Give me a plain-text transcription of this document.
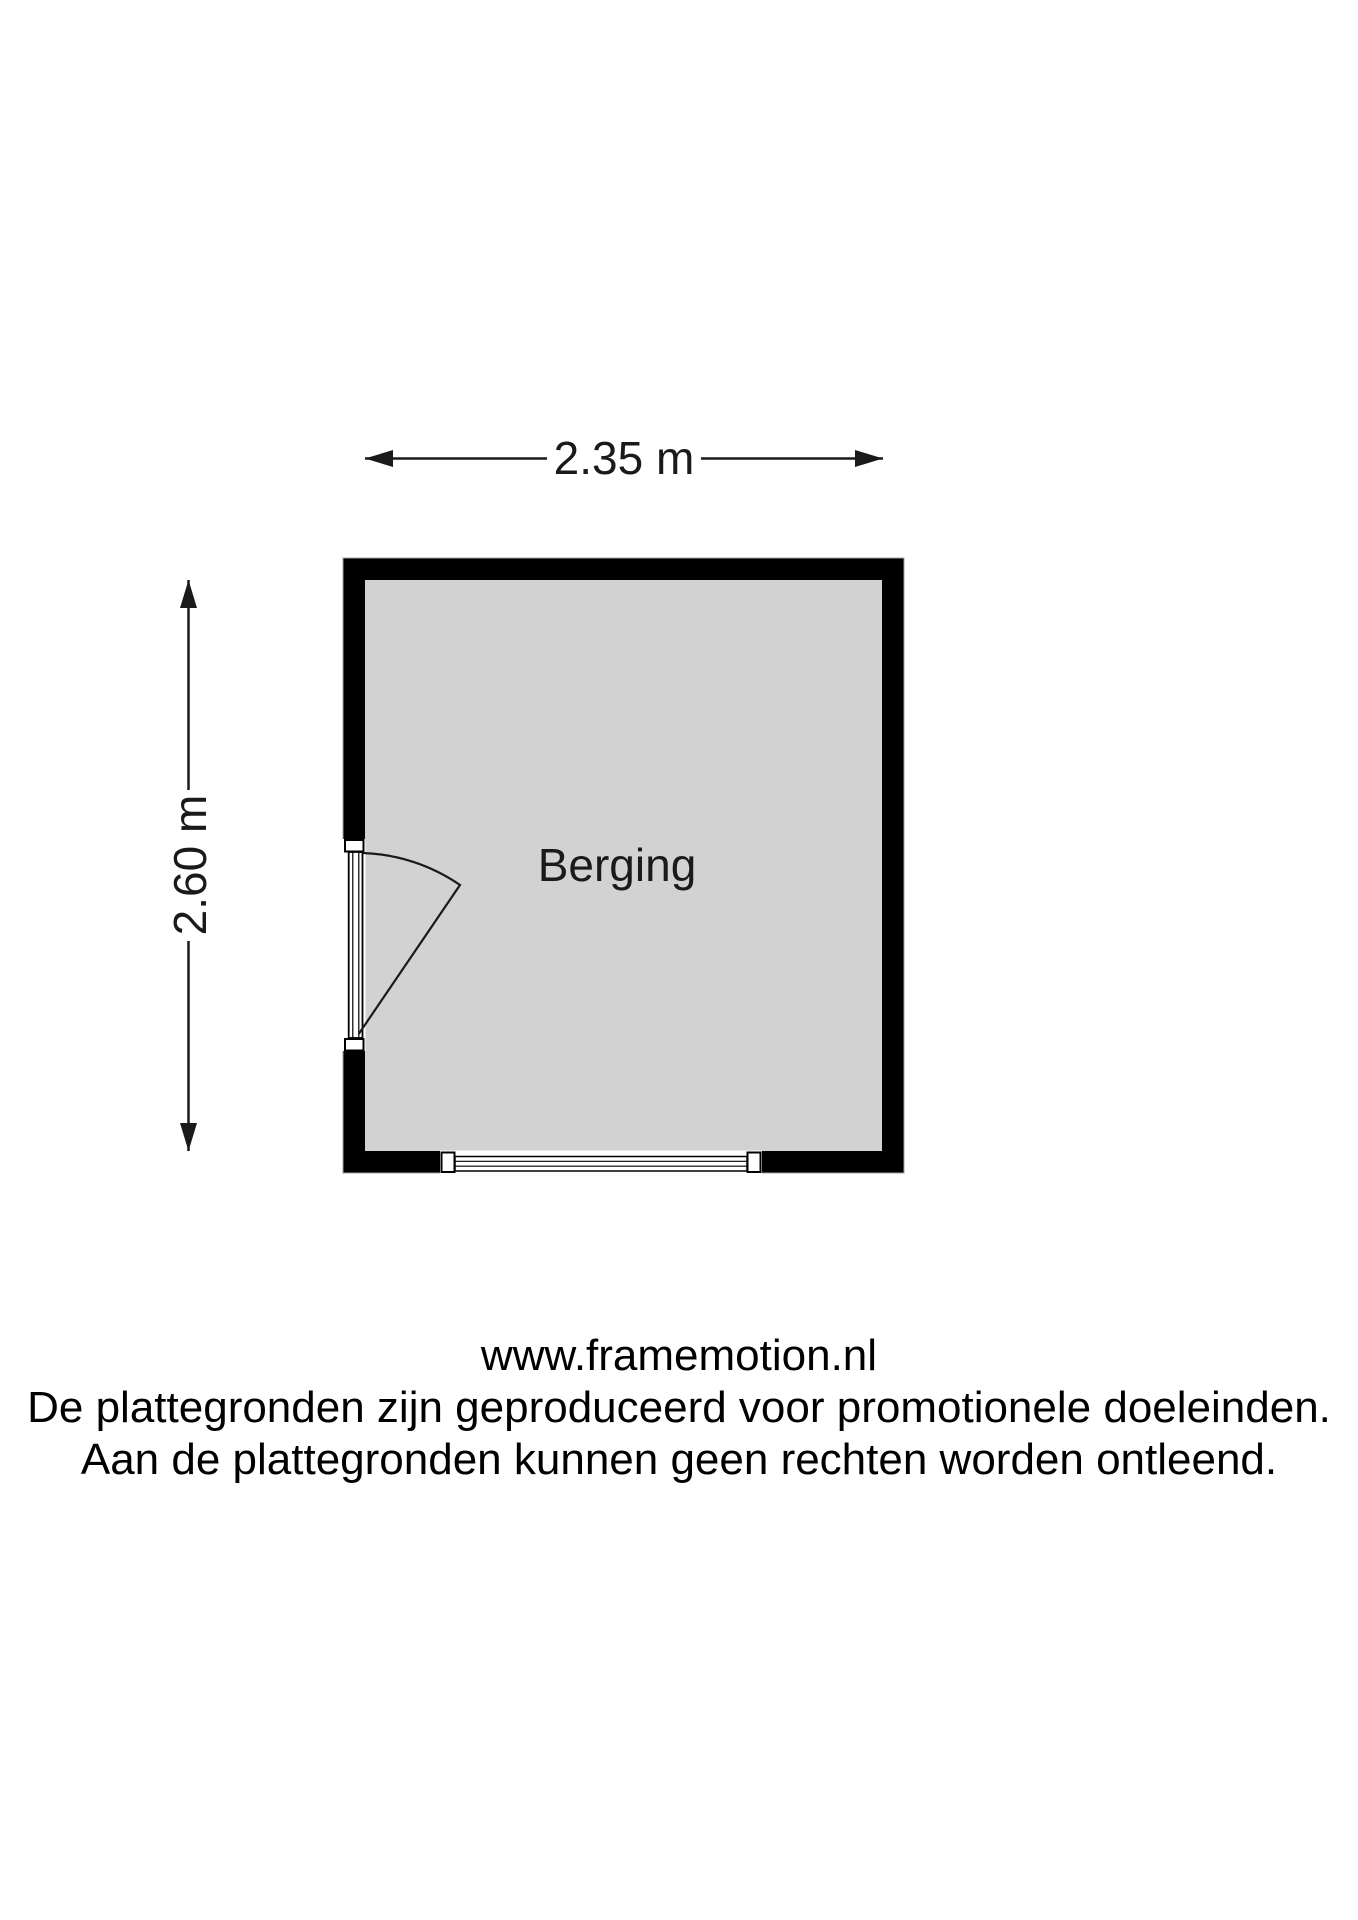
2.35 m
2.60 m	Berging
www.framemotion.nl
De plattegronden zijn geproduceerd voor promotionele doeleinden.
Aan de plattegronden kunnen geen rechten worden ontleend.
